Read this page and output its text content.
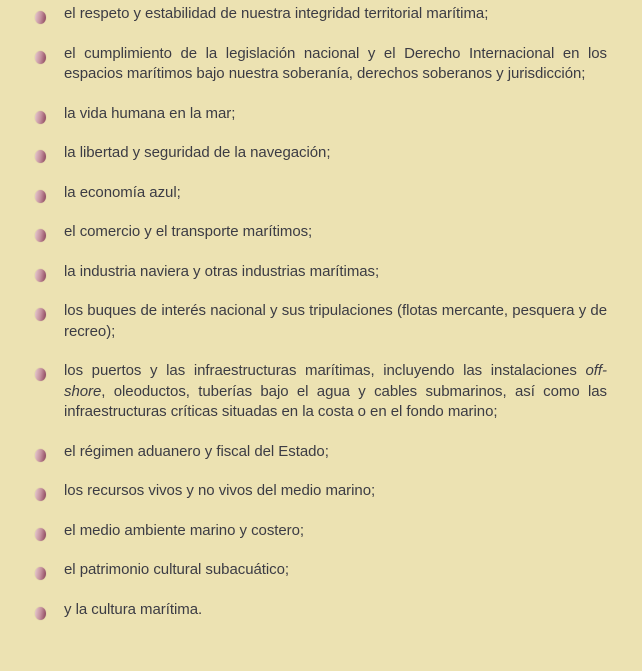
el respeto y estabilidad de nuestra integridad territorial marítima;
el cumplimiento de la legislación nacional y el Derecho Internacional en los espacios marítimos bajo nuestra soberanía, derechos soberanos y jurisdicción;
la vida humana en la mar;
la libertad y seguridad de la navegación;
la economía azul;
el comercio y el transporte marítimos;
la industria naviera y otras industrias marítimas;
los buques de interés nacional y sus tripulaciones (flotas mercante, pesquera y de recreo);
los puertos y las infraestructuras marítimas, incluyendo las instalaciones off-shore, oleoductos, tuberías bajo el agua y cables submarinos, así como las infraestructuras críticas situadas en la costa o en el fondo marino;
el régimen aduanero y fiscal del Estado;
los recursos vivos y no vivos del medio marino;
el medio ambiente marino y costero;
el patrimonio cultural subacuático;
y la cultura marítima.
